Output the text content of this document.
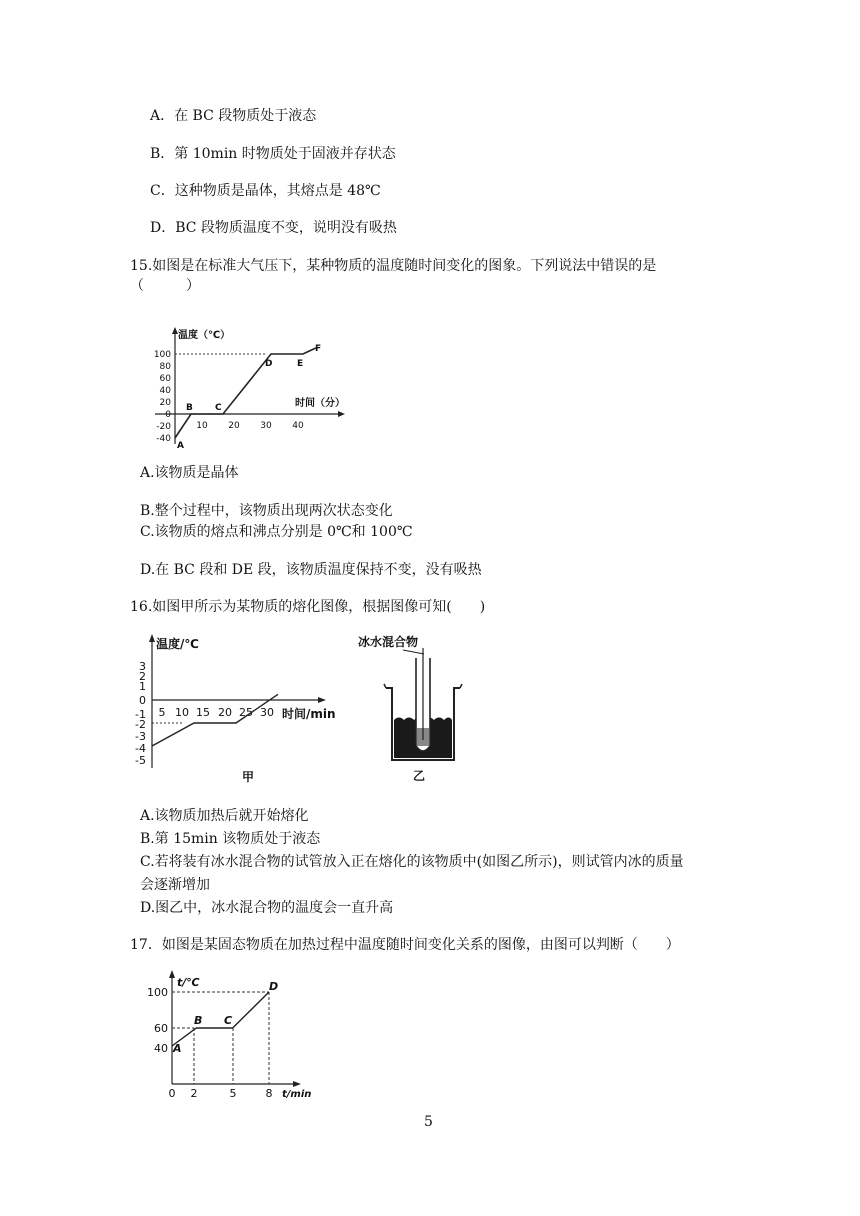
A．在 BC 段物质处于液态
B．第 10min 时物质处于固液并存状态
C．这种物质是晶体，其熔点是 48℃
D．BC 段物质温度不变，说明没有吸热
15.如图是在标准大气压下，某种物质的温度随时间变化的图象。下列说法中错误的是
（　　　）
温度（℃）
时间（分）
100
80
60
40
20
0
-20
-40
10 20 30 40
A
B C
D	E
F
A.该物质是晶体
B.整个过程中，该物质出现两次状态变化
C.该物质的熔点和沸点分别是 0℃和 100℃
D.在 BC 段和 DE 段，该物质温度保持不变，没有吸热
16.如图甲所示为某物质的熔化图像，根据图像可知(　　)
温度/℃
时间/min
3
2
1
0
-1
-2
-3
-4
-5
5 10 15 20 25 30
甲
冰水混合物
乙
A.该物质加热后就开始熔化
B.第 15min 该物质处于液态
C.若将装有冰水混合物的试管放入正在熔化的该物质中(如图乙所示)，则试管内冰的质量
会逐渐增加
D.图乙中，冰水混合物的温度会一直升高
17．如图是某固态物质在加热过程中温度随时间变化关系的图像，由图可以判断（　　）
t/℃
t/min
100
60
40
0 2	5	8
A
B C
D
5
